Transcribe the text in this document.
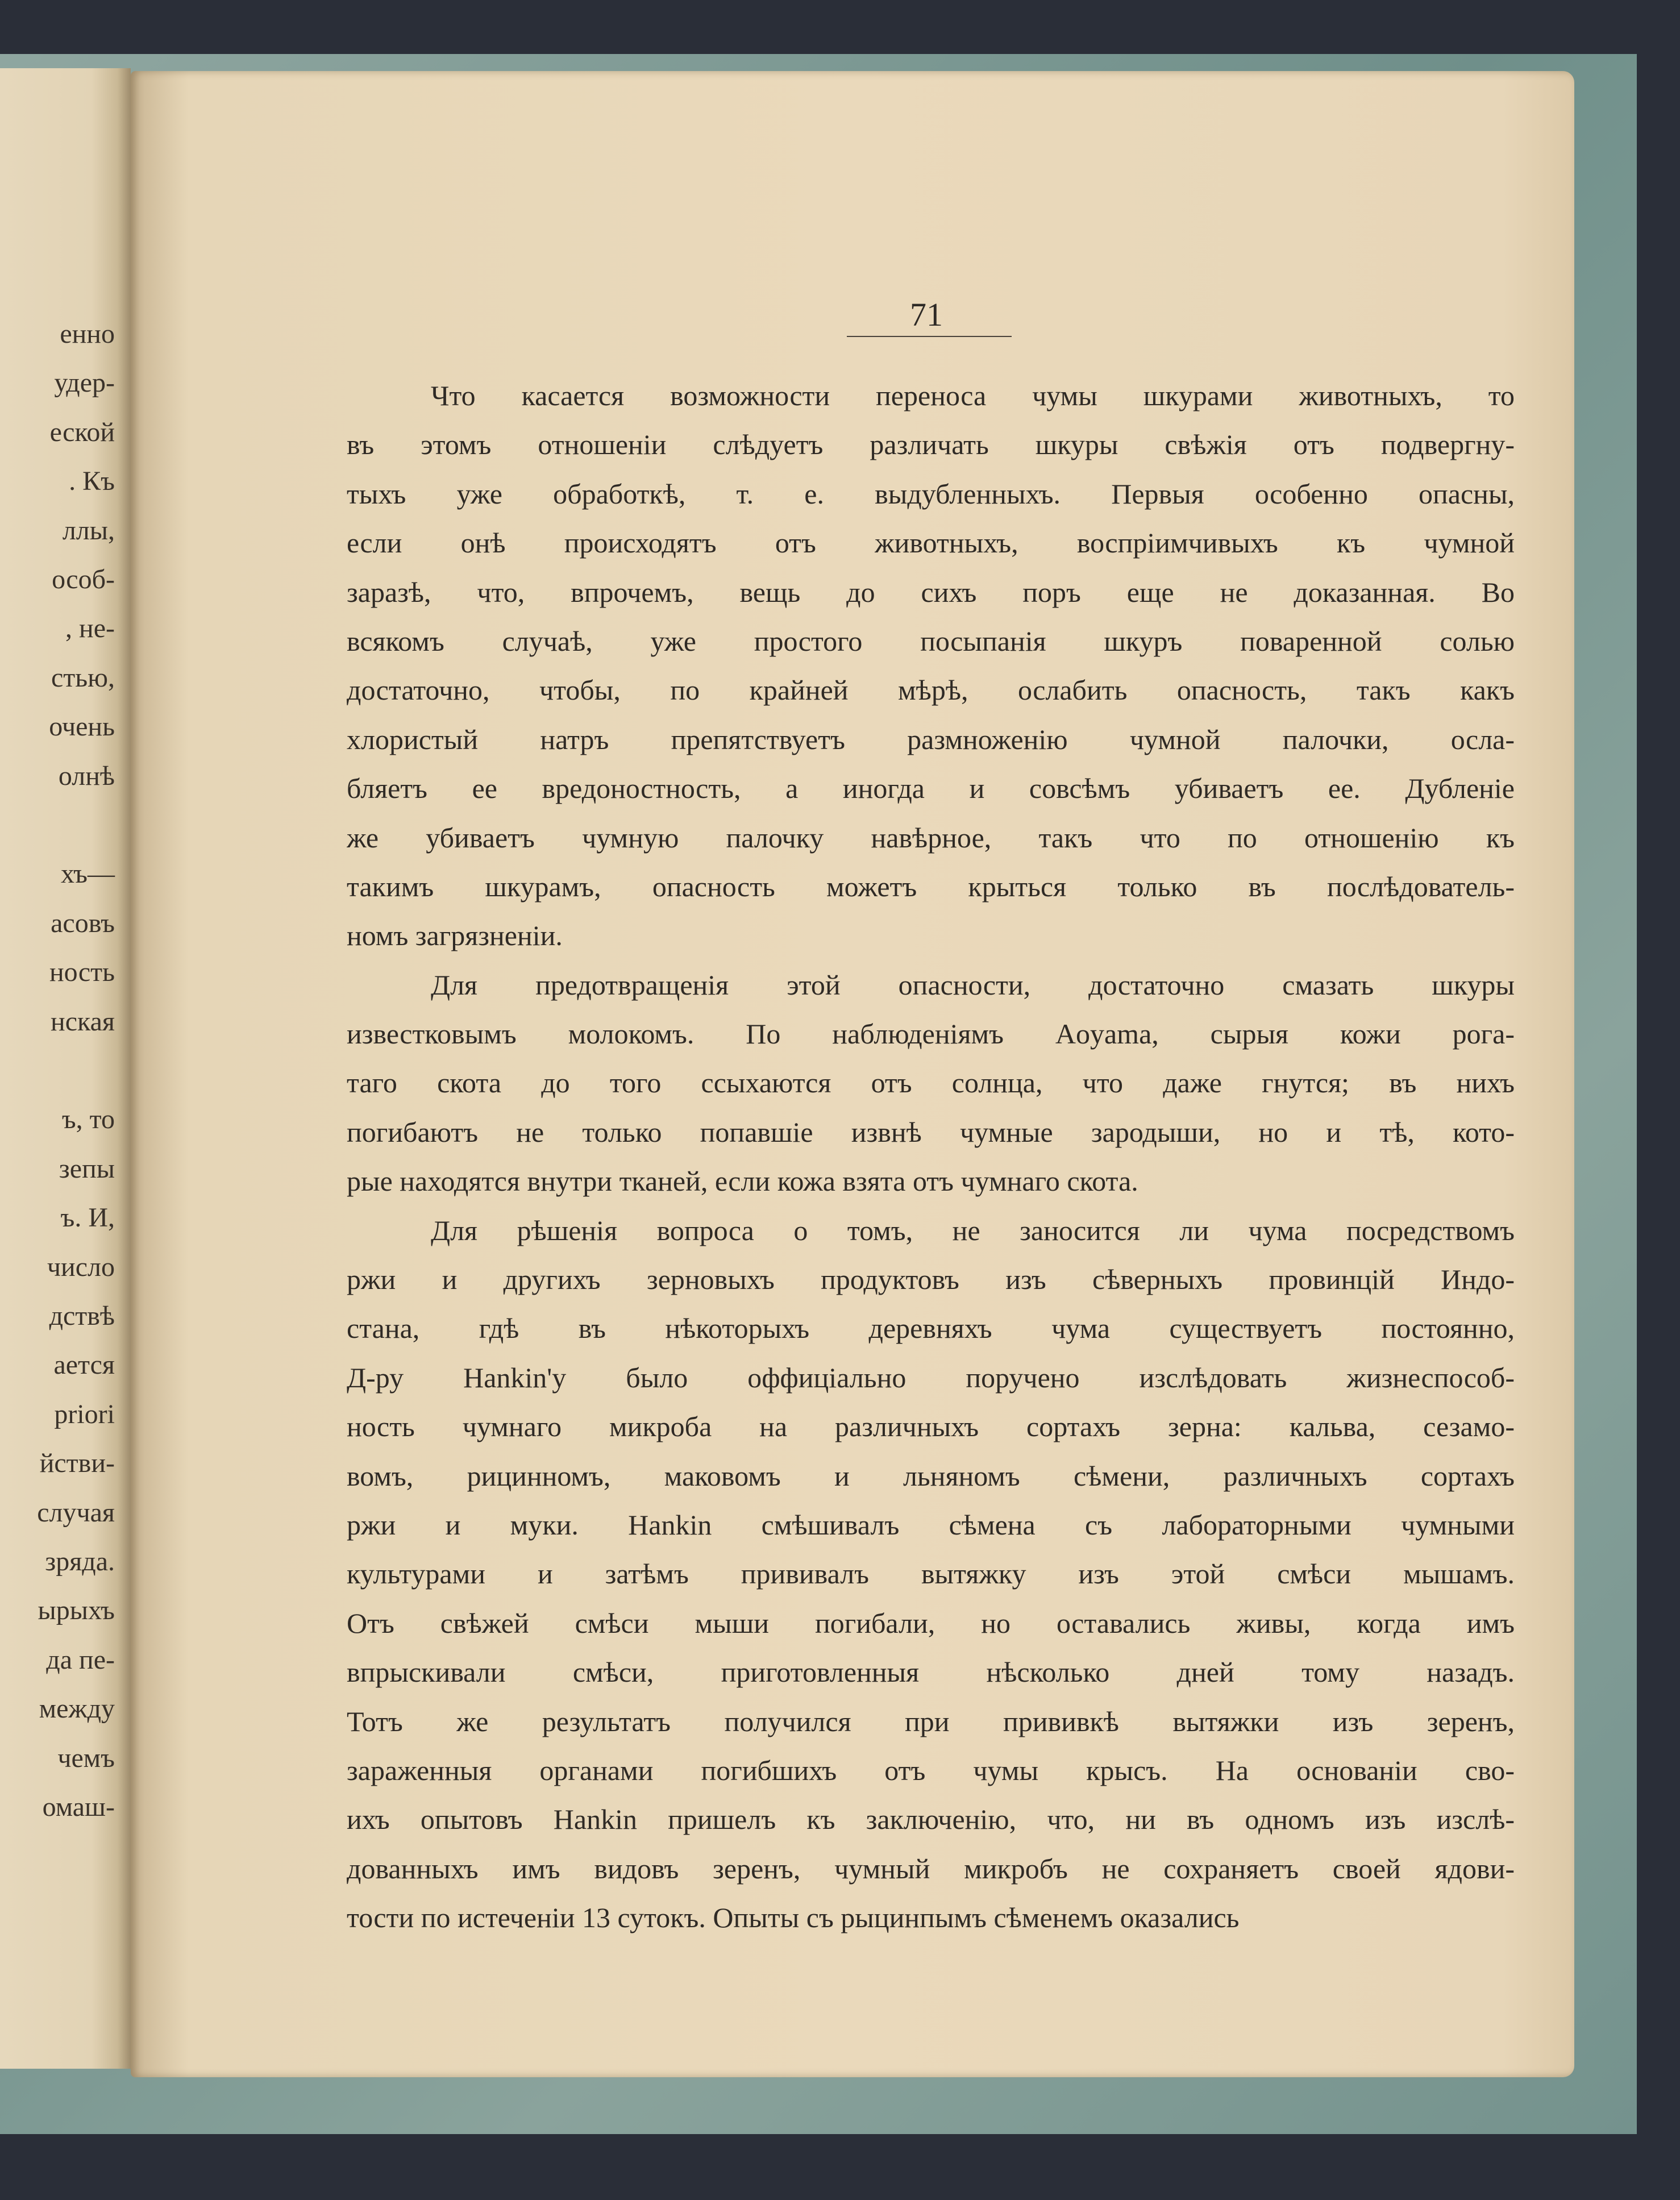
енно
удер-
еской
. Къ
ллы,
особ-
, не-
стью,
очень
олнѣ
хъ—
асовъ
ность
нская
ъ, то
зепы
ъ. И,
число
дствѣ
ается
prіori
йстви-
случая
зряда.
ырыхъ
да пе-
между
чемъ
омаш-
71
Что касается возможности переноса чумы шкурами животныхъ, то
въ этомъ отношеніи слѣдуетъ различать шкуры свѣжія отъ подвергну-
тыхъ уже обработкѣ, т. е. выдубленныхъ. Первыя особенно опасны,
если онѣ происходятъ отъ животныхъ, воспріимчивыхъ къ чумной
заразѣ, что, впрочемъ, вещь до сихъ поръ еще не доказанная. Во
всякомъ случаѣ, уже простого посыпанія шкуръ поваренной солью
достаточно, чтобы, по крайней мѣрѣ, ослабить опасность, такъ какъ
хлористый натръ препятствуетъ размноженію чумной палочки, осла-
бляетъ ее вредоностность, а иногда и совсѣмъ убиваетъ ее. Дубленіе
же убиваетъ чумную палочку навѣрное, такъ что по отношенію къ
такимъ шкурамъ, опасность можетъ крыться только въ послѣдователь-
номъ загрязненіи.
Для предотвращенія этой опасности, достаточно смазать шкуры
известковымъ молокомъ. По наблюденіямъ Aoyama, сырыя кожи рога-
таго скота до того ссыхаются отъ солнца, что даже гнутся; въ нихъ
погибаютъ не только попавшіе извнѣ чумные зародыши, но и тѣ, кото-
рые находятся внутри тканей, если кожа взята отъ чумнаго скота.
Для рѣшенія вопроса о томъ, не заносится ли чума посредствомъ
ржи и другихъ зерновыхъ продуктовъ изъ сѣверныхъ провинцій Индо-
стана, гдѣ въ нѣкоторыхъ деревняхъ чума существуетъ постоянно,
Д-ру Hankin'у было оффиціально поручено изслѣдовать жизнеспособ-
ность чумнаго микроба на различныхъ сортахъ зерна: кальва, сезамо-
вомъ, рицинномъ, маковомъ и льняномъ сѣмени, различныхъ сортахъ
ржи и муки. Hankin смѣшивалъ сѣмена съ лабораторными чумными
культурами и затѣмъ прививалъ вытяжку изъ этой смѣси мышамъ.
Отъ свѣжей смѣси мыши погибали, но оставались живы, когда имъ
впрыскивали смѣси, приготовленныя нѣсколько дней тому назадъ.
Тотъ же результатъ получился при прививкѣ вытяжки изъ зеренъ,
зараженныя органами погибшихъ отъ чумы крысъ. На основаніи сво-
ихъ опытовъ Hankin пришелъ къ заключенію, что, ни въ одномъ изъ изслѣ-
дованныхъ имъ видовъ зеренъ, чумный микробъ не сохраняетъ своей ядови-
тости по истеченіи 13 сутокъ. Опыты съ рыцинпымъ сѣменемъ оказались
